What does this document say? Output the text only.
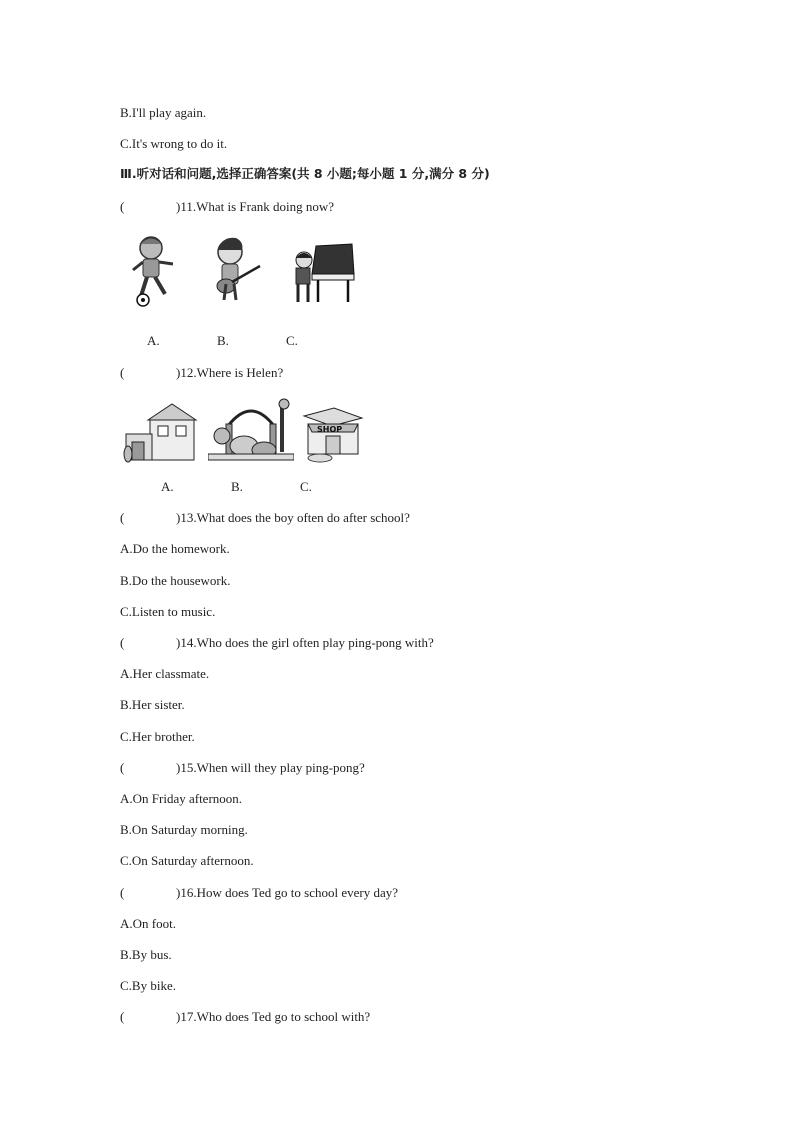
B.I'll play again.
C.It's wrong to do it.
Ⅲ.听对话和问题,选择正确答案(共 8 小题;每小题 1 分,满分 8 分)
(	)11.What is Frank doing now?
A.	B.	C.
(	)12.Where is Helen?
SHOP
A.	B.	C.
(	)13.What does the boy often do after school?
A.Do the homework.
B.Do the housework.
C.Listen to music.
(	)14.Who does the girl often play ping-pong with?
A.Her classmate.
B.Her sister.
C.Her brother.
(	)15.When will they play ping-pong?
A.On Friday afternoon.
B.On Saturday morning.
C.On Saturday afternoon.
(	)16.How does Ted go to school every day?
A.On foot.
B.By bus.
C.By bike.
(	)17.Who does Ted go to school with?
